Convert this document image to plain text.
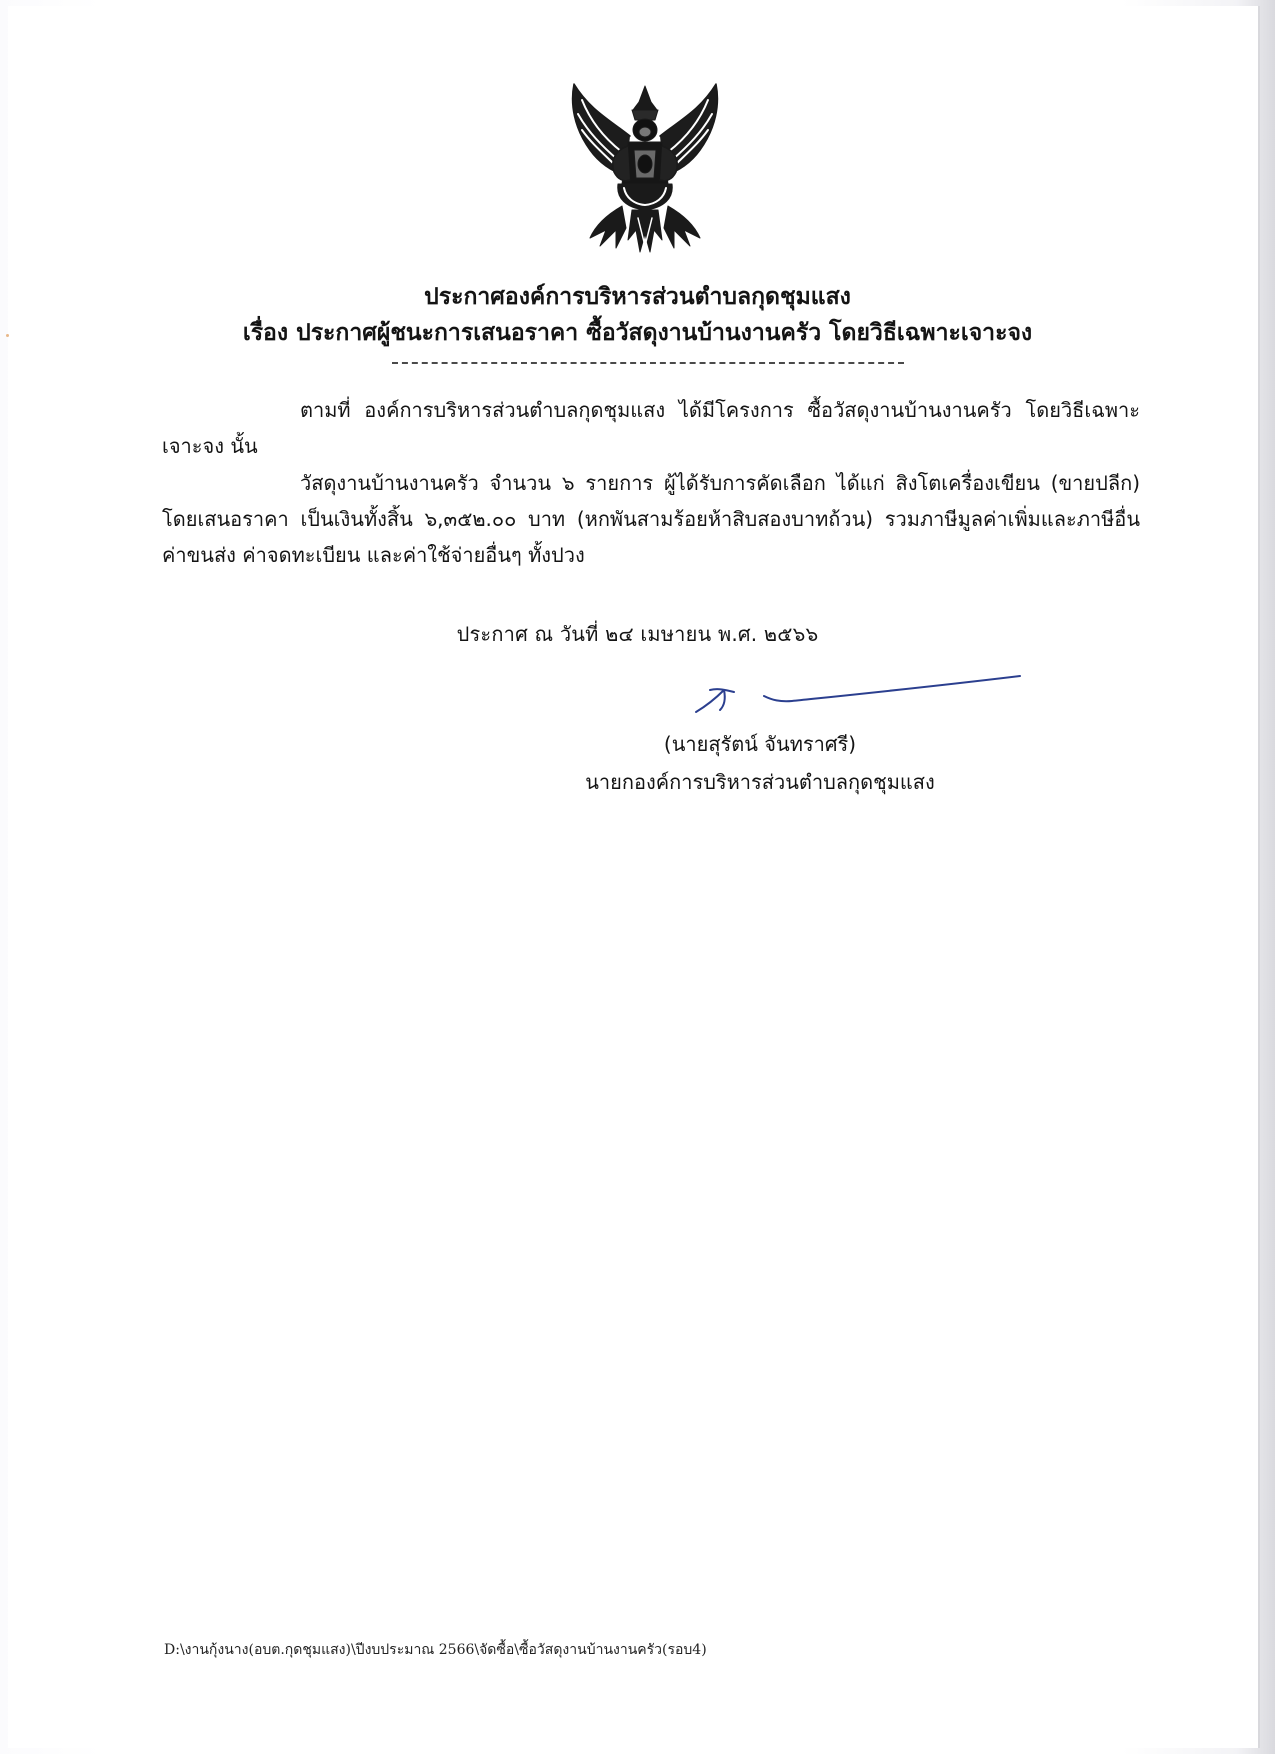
ประกาศองค์การบริหารส่วนตำบลกุดชุมแสง
เรื่อง ประกาศผู้ชนะการเสนอราคา ซื้อวัสดุงานบ้านงานครัว โดยวิธีเฉพาะเจาะจง
ตามที่ องค์การบริหารส่วนตำบลกุดชุมแสง ได้มีโครงการ ซื้อวัสดุงานบ้านงานครัว โดยวิธีเฉพาะเจาะจง นั้น
วัสดุงานบ้านงานครัว จำนวน ๖ รายการ ผู้ได้รับการคัดเลือก ได้แก่ สิงโตเครื่องเขียน (ขายปลีก) โดยเสนอราคา เป็นเงินทั้งสิ้น ๖,๓๕๒.๐๐ บาท (หกพันสามร้อยห้าสิบสองบาทถ้วน) รวมภาษีมูลค่าเพิ่มและภาษีอื่น ค่าขนส่ง ค่าจดทะเบียน และค่าใช้จ่ายอื่นๆ ทั้งปวง
ประกาศ ณ วันที่ ๒๔ เมษายน พ.ศ. ๒๕๖๖
(นายสุรัตน์ จันทราศรี)
นายกองค์การบริหารส่วนตำบลกุดชุมแสง
D:\งานกุ้งนาง(อบต.กุดชุมแสง)\ปีงบประมาณ 2566\จัดซื้อ\ซื้อวัสดุงานบ้านงานครัว(รอบ4)
